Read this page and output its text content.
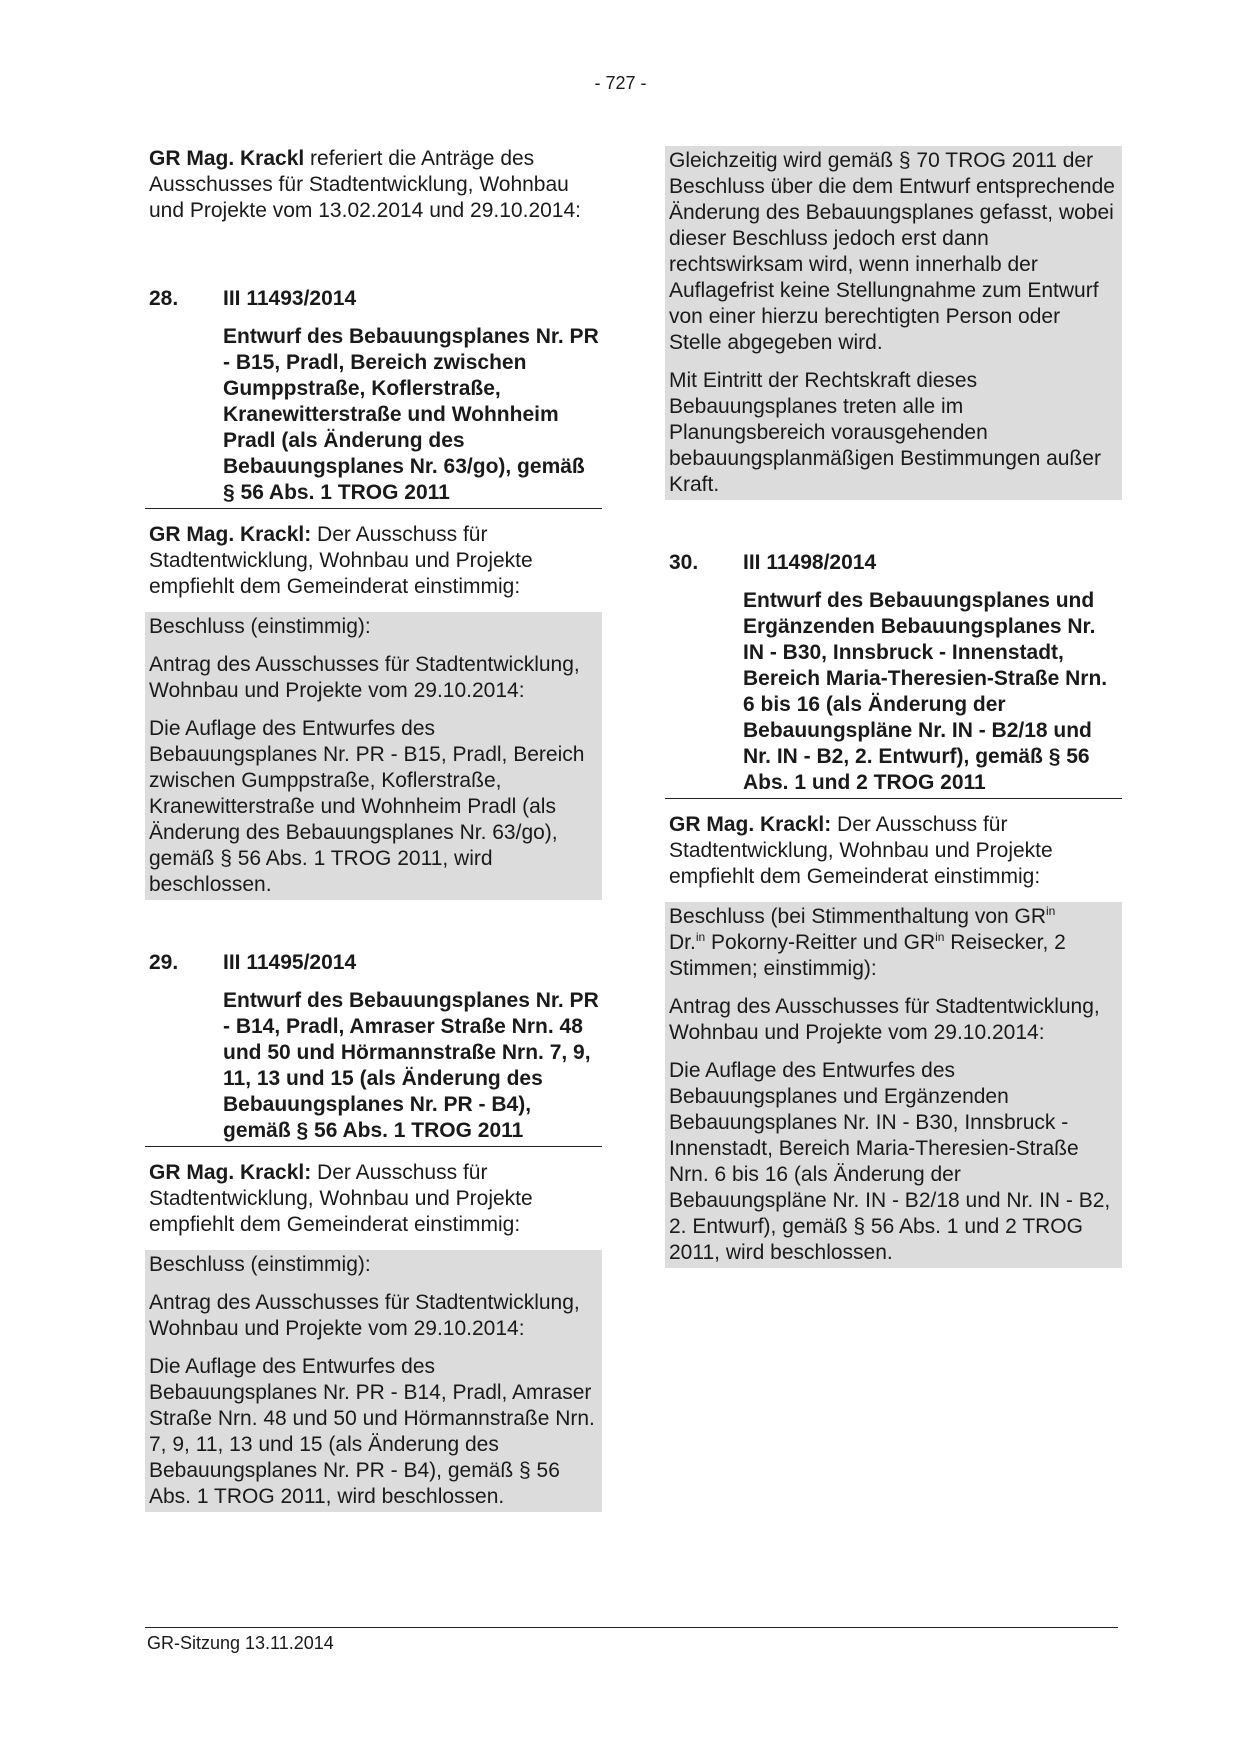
- 727 -

GR Mag. Krackl referiert die Anträge des Ausschusses für Stadtentwicklung, Wohnbau und Projekte vom 13.02.2014 und 29.10.2014:

28.	III 11493/2014

Entwurf des Bebauungsplanes Nr. PR - B15, Pradl, Bereich zwischen Gumppstraße, Koflerstraße, Kranewitterstraße und Wohnheim Pradl (als Änderung des Bebauungsplanes Nr. 63/go), gemäß § 56 Abs. 1 TROG 2011

GR Mag. Krackl: Der Ausschuss für Stadtentwicklung, Wohnbau und Projekte empfiehlt dem Gemeinderat einstimmig:

Beschluss (einstimmig):

Antrag des Ausschusses für Stadtentwicklung, Wohnbau und Projekte vom 29.10.2014:

Die Auflage des Entwurfes des Bebauungsplanes Nr. PR - B15, Pradl, Bereich zwischen Gumppstraße, Koflerstraße, Kranewitterstraße und Wohnheim Pradl (als Änderung des Bebauungsplanes Nr. 63/go), gemäß § 56 Abs. 1 TROG 2011, wird beschlossen.

29.	III 11495/2014

Entwurf des Bebauungsplanes Nr. PR - B14, Pradl, Amraser Straße Nrn. 48 und 50 und Hörmannstraße Nrn. 7, 9, 11, 13 und 15 (als Änderung des Bebauungsplanes Nr. PR - B4), gemäß § 56 Abs. 1 TROG 2011

GR Mag. Krackl: Der Ausschuss für Stadtentwicklung, Wohnbau und Projekte empfiehlt dem Gemeinderat einstimmig:

Beschluss (einstimmig):

Antrag des Ausschusses für Stadtentwicklung, Wohnbau und Projekte vom 29.10.2014:

Die Auflage des Entwurfes des Bebauungsplanes Nr. PR - B14, Pradl, Amraser Straße Nrn. 48 und 50 und Hörmannstraße Nrn. 7, 9, 11, 13 und 15 (als Änderung des Bebauungsplanes Nr. PR - B4), gemäß § 56 Abs. 1 TROG 2011, wird beschlossen.

Gleichzeitig wird gemäß § 70 TROG 2011 der Beschluss über die dem Entwurf entsprechende Änderung des Bebauungsplanes gefasst, wobei dieser Beschluss jedoch erst dann rechtswirksam wird, wenn innerhalb der Auflagefrist keine Stellungnahme zum Entwurf von einer hierzu berechtigten Person oder Stelle abgegeben wird.

Mit Eintritt der Rechtskraft dieses Bebauungsplanes treten alle im Planungsbereich vorausgehenden bebauungsplanmäßigen Bestimmungen außer Kraft.

30.	III 11498/2014

Entwurf des Bebauungsplanes und Ergänzenden Bebauungsplanes Nr. IN - B30, Innsbruck - Innenstadt, Bereich Maria-Theresien-Straße Nrn. 6 bis 16 (als Änderung der Bebauungspläne Nr. IN - B2/18 und Nr. IN - B2, 2. Entwurf), gemäß § 56 Abs. 1 und 2 TROG 2011

GR Mag. Krackl: Der Ausschuss für Stadtentwicklung, Wohnbau und Projekte empfiehlt dem Gemeinderat einstimmig:

Beschluss (bei Stimmenthaltung von $GR^{in}$
Dr.$^{in}$ Pokorny-Reitter und $GR^{in}$ Reisecker, 2 Stimmen; einstimmig):

Antrag des Ausschusses für Stadtentwicklung, Wohnbau und Projekte vom 29.10.2014:

Die Auflage des Entwurfes des Bebauungsplanes und Ergänzenden Bebauungsplanes Nr. IN - B30, Innsbruck - Innenstadt, Bereich Maria-Theresien-Straße Nrn. 6 bis 16 (als Änderung der Bebauungspläne Nr. IN - B2/18 und Nr. IN - B2, 2. Entwurf), gemäß § 56 Abs. 1 und 2 TROG 2011, wird beschlossen.

GR-Sitzung 13.11.2014
